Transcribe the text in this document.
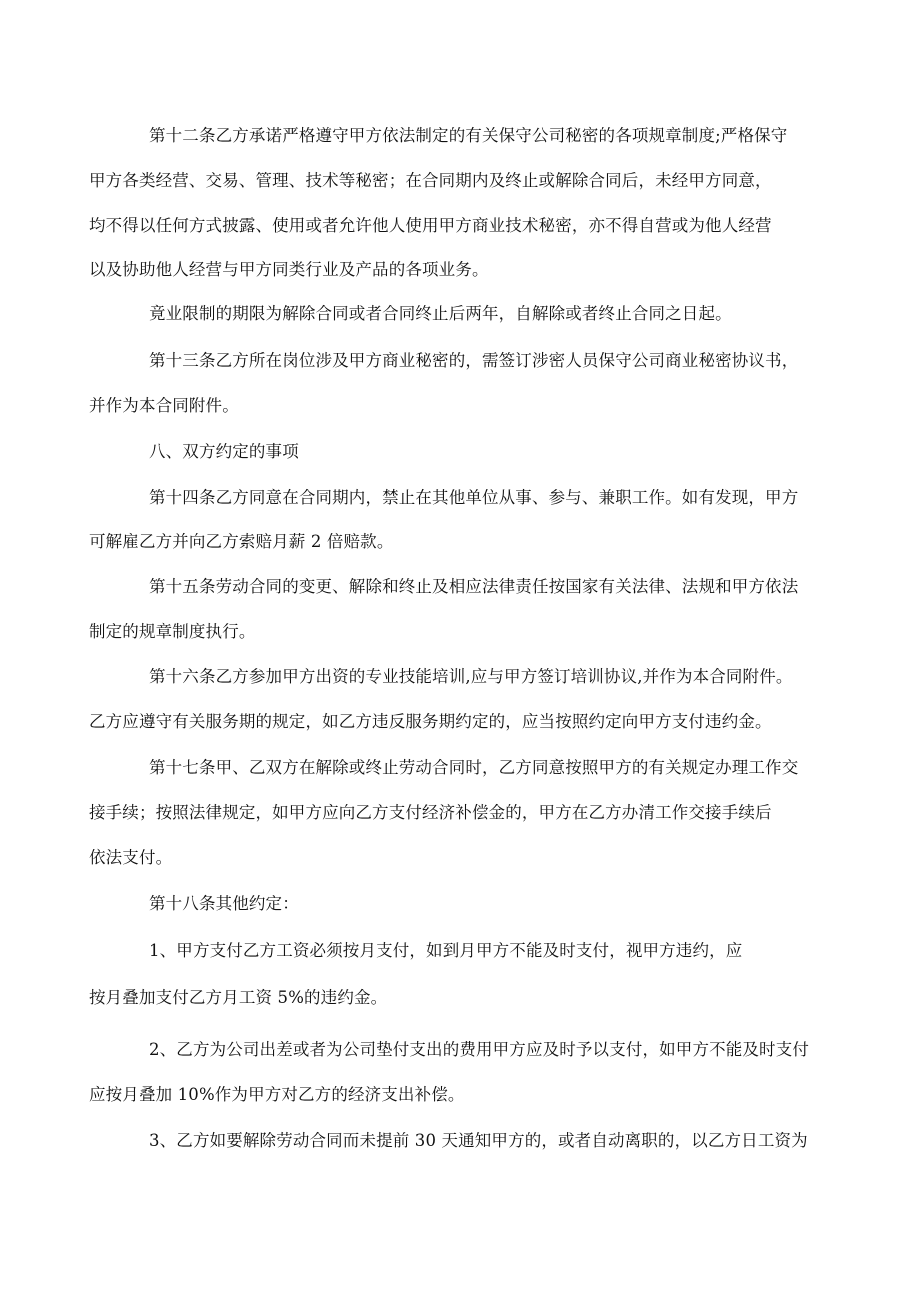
第十二条乙方承诺严格遵守甲方依法制定的有关保守公司秘密的各项规章制度;严格保守
甲方各类经营、交易、管理、技术等秘密；在合同期内及终止或解除合同后，未经甲方同意，
均不得以任何方式披露、使用或者允许他人使用甲方商业技术秘密，亦不得自营或为他人经营
以及协助他人经营与甲方同类行业及产品的各项业务。
竟业限制的期限为解除合同或者合同终止后两年，自解除或者终止合同之日起。
第十三条乙方所在岗位涉及甲方商业秘密的，需签订涉密人员保守公司商业秘密协议书，
并作为本合同附件。
八、双方约定的事项
第十四条乙方同意在合同期内，禁止在其他单位从事、参与、兼职工作。如有发现，甲方
可解雇乙方并向乙方索赔月薪 2 倍赔款。
第十五条劳动合同的变更、解除和终止及相应法律责任按国家有关法律、法规和甲方依法
制定的规章制度执行。
第十六条乙方参加甲方出资的专业技能培训,应与甲方签订培训协议,并作为本合同附件。
乙方应遵守有关服务期的规定，如乙方违反服务期约定的，应当按照约定向甲方支付违约金。
第十七条甲、乙双方在解除或终止劳动合同时，乙方同意按照甲方的有关规定办理工作交
接手续；按照法律规定，如甲方应向乙方支付经济补偿金的，甲方在乙方办清工作交接手续后
依法支付。
第十八条其他约定：
1、甲方支付乙方工资必须按月支付，如到月甲方不能及时支付，视甲方违约，应
按月叠加支付乙方月工资 5%的违约金。
2、乙方为公司出差或者为公司垫付支出的费用甲方应及时予以支付，如甲方不能及时支付
应按月叠加 10%作为甲方对乙方的经济支出补偿。
3、乙方如要解除劳动合同而未提前 30 天通知甲方的，或者自动离职的，以乙方日工资为
